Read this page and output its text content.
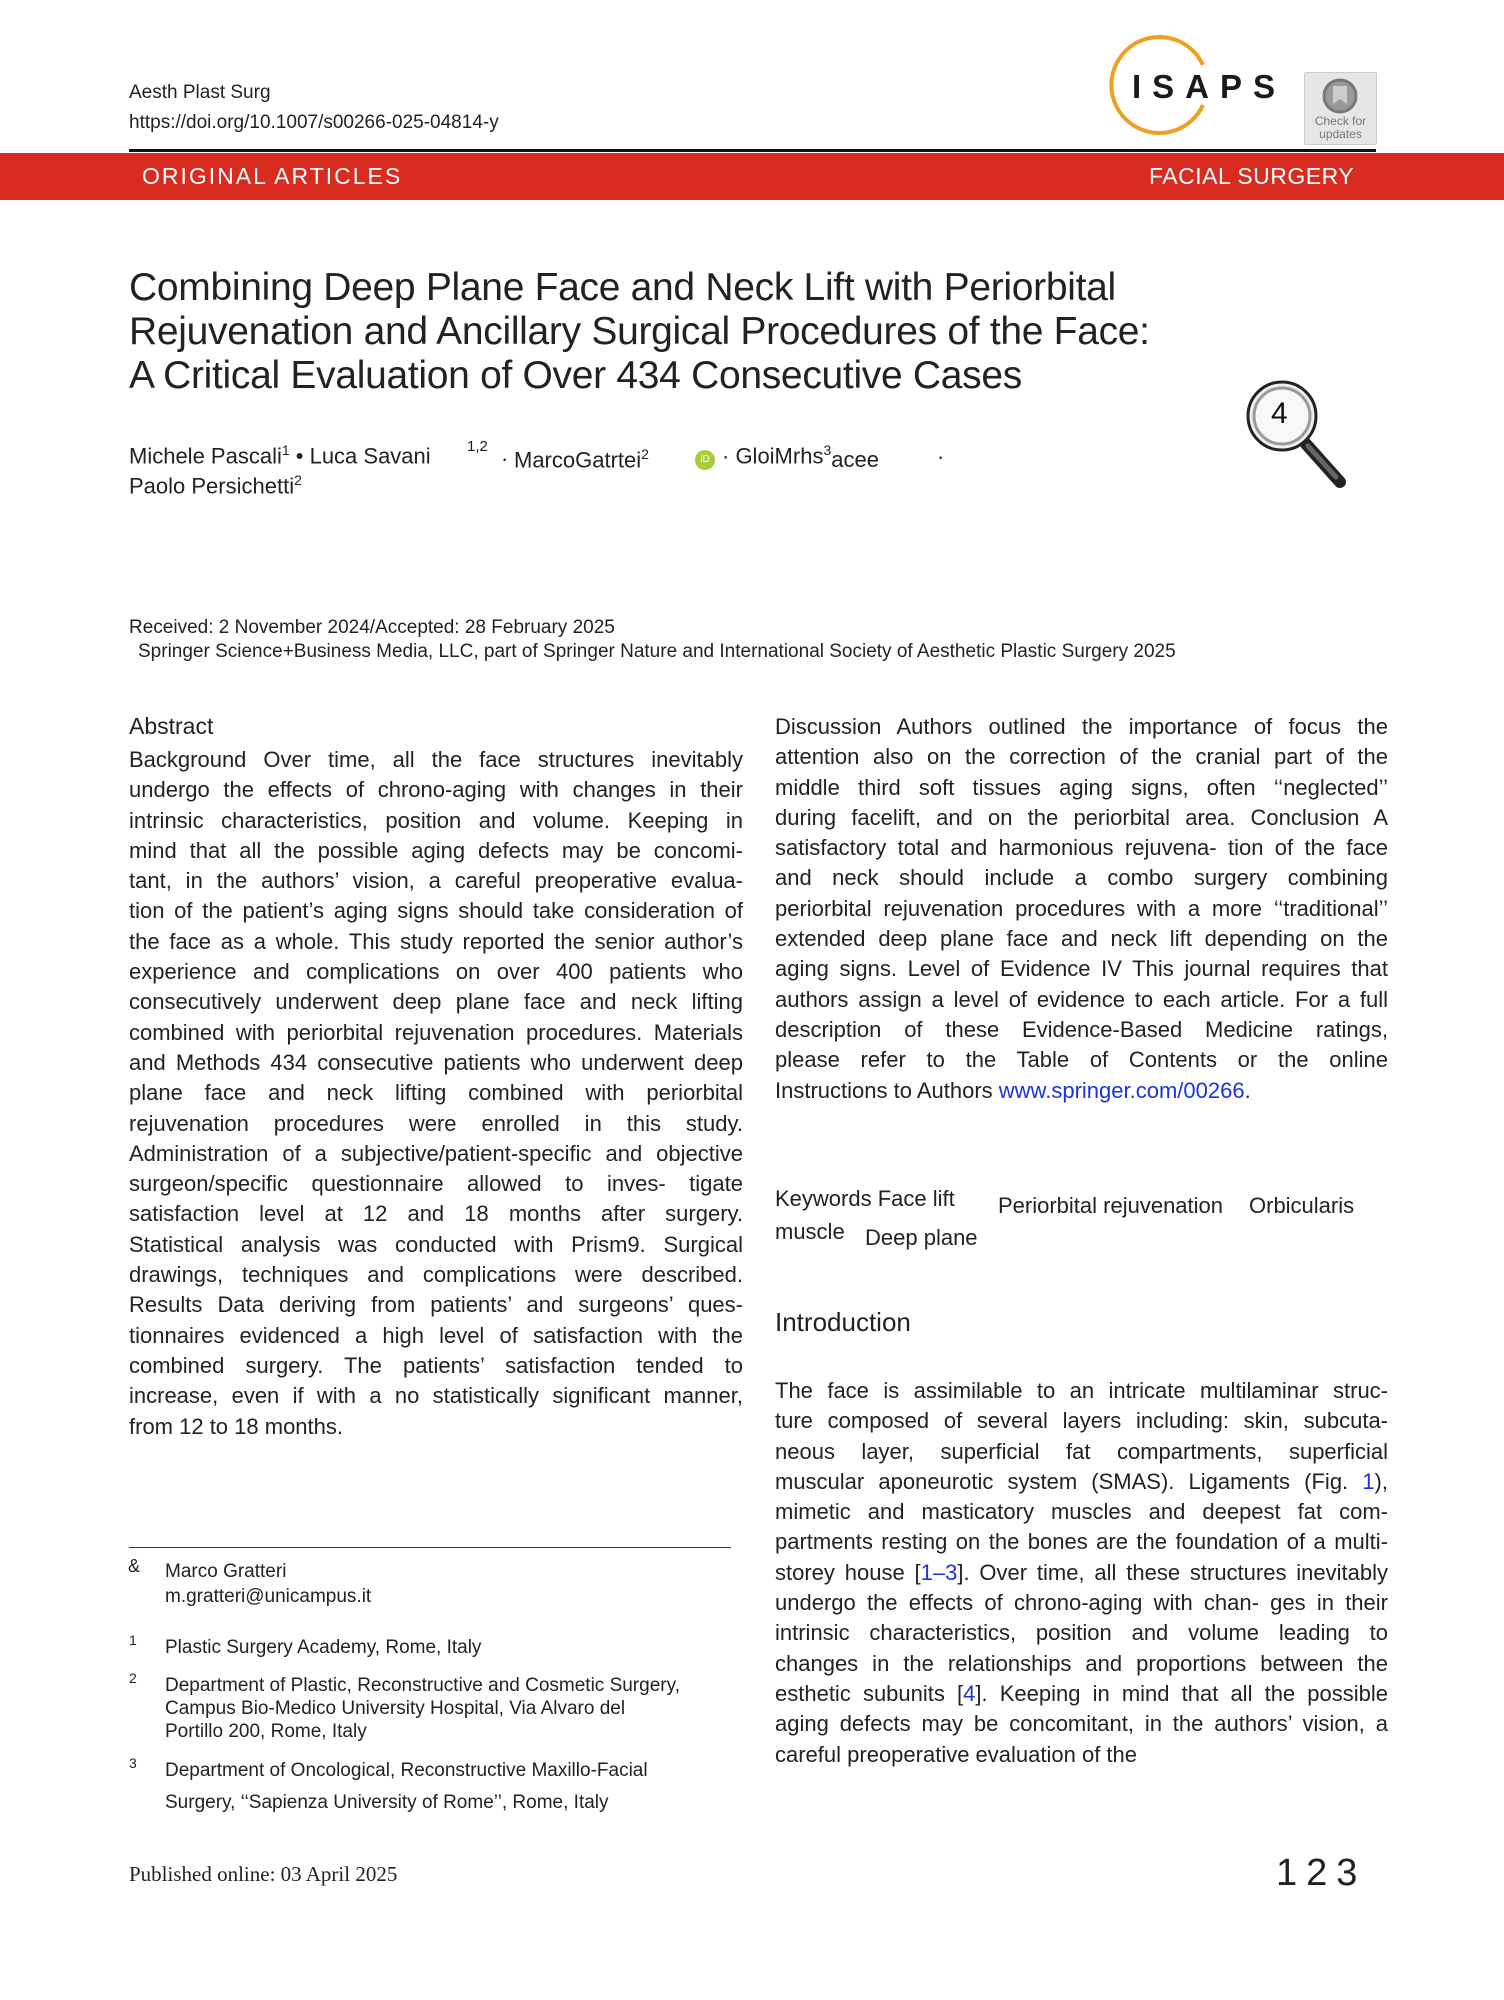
Aesth Plast Surg
https://doi.org/10.1007/s00266-025-04814-y
ISAPS
Check for
updates
ORIGINAL ARTICLES	FACIAL SURGERY
Combining Deep Plane Face and Neck Lift with Periorbital
Rejuvenation and Ancillary Surgical Procedures of the Face:
A Critical Evaluation of Over 434 Consecutive Cases
4
Michele Pascali$^1$ • Luca Savani 1,2 · MarcoGatrtei$^2$	iD · GloiMrhs$^3$acee	·
Paolo Persichetti$^2$
Received: 2 November 2024/Accepted: 28 February 2025
Springer Science+Business Media, LLC, part of Springer Nature and International Society of Aesthetic Plastic Surgery 2025
Abstract
Background Over time, all the face structures inevitably
undergo the effects of chrono-aging with changes in their
intrinsic characteristics, position and volume. Keeping in
mind that all the possible aging defects may be concomi-
tant, in the authors’ vision, a careful preoperative evalua-
tion of the patient’s aging signs should take consideration of
the face as a whole. This study reported the senior author’s
experience and complications on over 400 patients who
consecutively underwent deep plane face and neck lifting
combined with periorbital rejuvenation procedures. Materials
and Methods 434 consecutive patients who underwent deep
plane face and neck lifting combined with periorbital
rejuvenation procedures were enrolled in this study.
Administration of a subjective/patient-specific and objective
surgeon/specific questionnaire allowed to inves- tigate
satisfaction level at 12 and 18 months after surgery.
Statistical analysis was conducted with Prism9. Surgical
drawings, techniques and complications were described.
Results Data deriving from patients’ and surgeons’ ques-
tionnaires evidenced a high level of satisfaction with the
combined surgery. The patients’ satisfaction tended to
increase, even if with a no statistically significant manner,
from 12 to 18 months.
Discussion Authors outlined the importance of focus the
attention also on the correction of the cranial part of the
middle third soft tissues aging signs, often ‘‘neglected’’
during facelift, and on the periorbital area. Conclusion A
satisfactory total and harmonious rejuvena- tion of the face
and neck should include a combo surgery combining
periorbital rejuvenation procedures with a more ‘‘traditional’’
extended deep plane face and neck lift depending on the
aging signs. Level of Evidence IV This journal requires that
authors assign a level of evidence to each article. For a full
description of these Evidence-Based Medicine ratings,
please refer to the Table of Contents or the online
Instructions to Authors www.springer.com/00266.
Keywords Face lift Periorbital rejuvenation Orbicularis
muscle Deep plane
Introduction
The face is assimilable to an intricate multilaminar struc-
ture composed of several layers including: skin, subcuta-
neous layer, superficial fat compartments, superficial
muscular aponeurotic system (SMAS). Ligaments (Fig. 1),
mimetic and masticatory muscles and deepest fat com-
partments resting on the bones are the foundation of a multi-
storey house [1–3]. Over time, all these structures inevitably
undergo the effects of chrono-aging with chan- ges in their
intrinsic characteristics, position and volume leading to
changes in the relationships and proportions between the
esthetic subunits [4]. Keeping in mind that all the possible
aging defects may be concomitant, in the authors’ vision, a
careful preoperative evaluation of the
& Marco Gratteri
m.gratteri@unicampus.it
1 Plastic Surgery Academy, Rome, Italy
2 Department of Plastic, Reconstructive and Cosmetic Surgery,
Campus Bio-Medico University Hospital, Via Alvaro del
Portillo 200, Rome, Italy
3 Department of Oncological, Reconstructive Maxillo-Facial
Surgery, ‘‘Sapienza University of Rome’’, Rome, Italy
Published online: 03 April 2025	123
